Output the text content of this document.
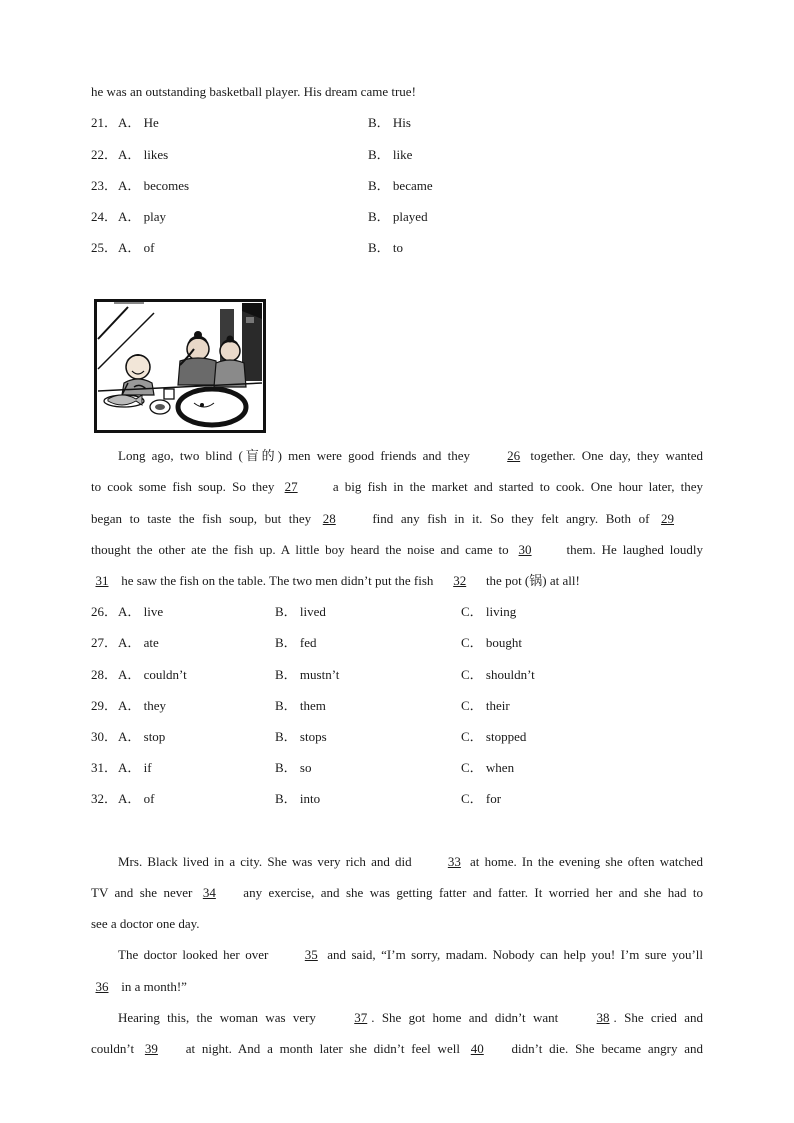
he was an outstanding basketball player. His dream came true!
21． A． He	B． His
22． A． likes	B． like
23． A． becomes	B． became
24． A． play	B． played
25． A． of	B． to
Long ago, two blind (盲的) men were good friends and they	26 together. One day, they wanted
to cook some fish soup. So they 27	a big fish in the market and started to cook. One hour later, they
began to taste the fish soup, but they 28	find any fish in it. So they felt angry. Both of 29
thought the other ate the fish up. A little boy heard the noise and came to 30	them. He laughed loudly
31 he saw the fish on the table. The two men didn’t put the fish 32 the pot (锅) at all!
26． A． live	B． lived	C． living
27． A． ate	B． fed	C． bought
28． A． couldn’t	B． mustn’t	C． shouldn’t
29． A． they	B． them	C． their
30． A． stop	B． stops	C． stopped
31． A． if	B． so	C． when
32． A． of	B． into	C． for
Mrs. Black lived in a city. She was very rich and did	33 at home. In the evening she often watched
TV and she never 34 any exercise, and she was getting fatter and fatter. It worried her and she had to
see a doctor one day.
The doctor looked her over	35 and said, “I’m sorry, madam. Nobody can help you! I’m sure you’ll
36 in a month!”
Hearing this, the woman was very	37 . She got home and didn’t want	38 . She cried and
couldn’t 39 at night. And a month later she didn’t feel well 40 didn’t die. She became angry and
